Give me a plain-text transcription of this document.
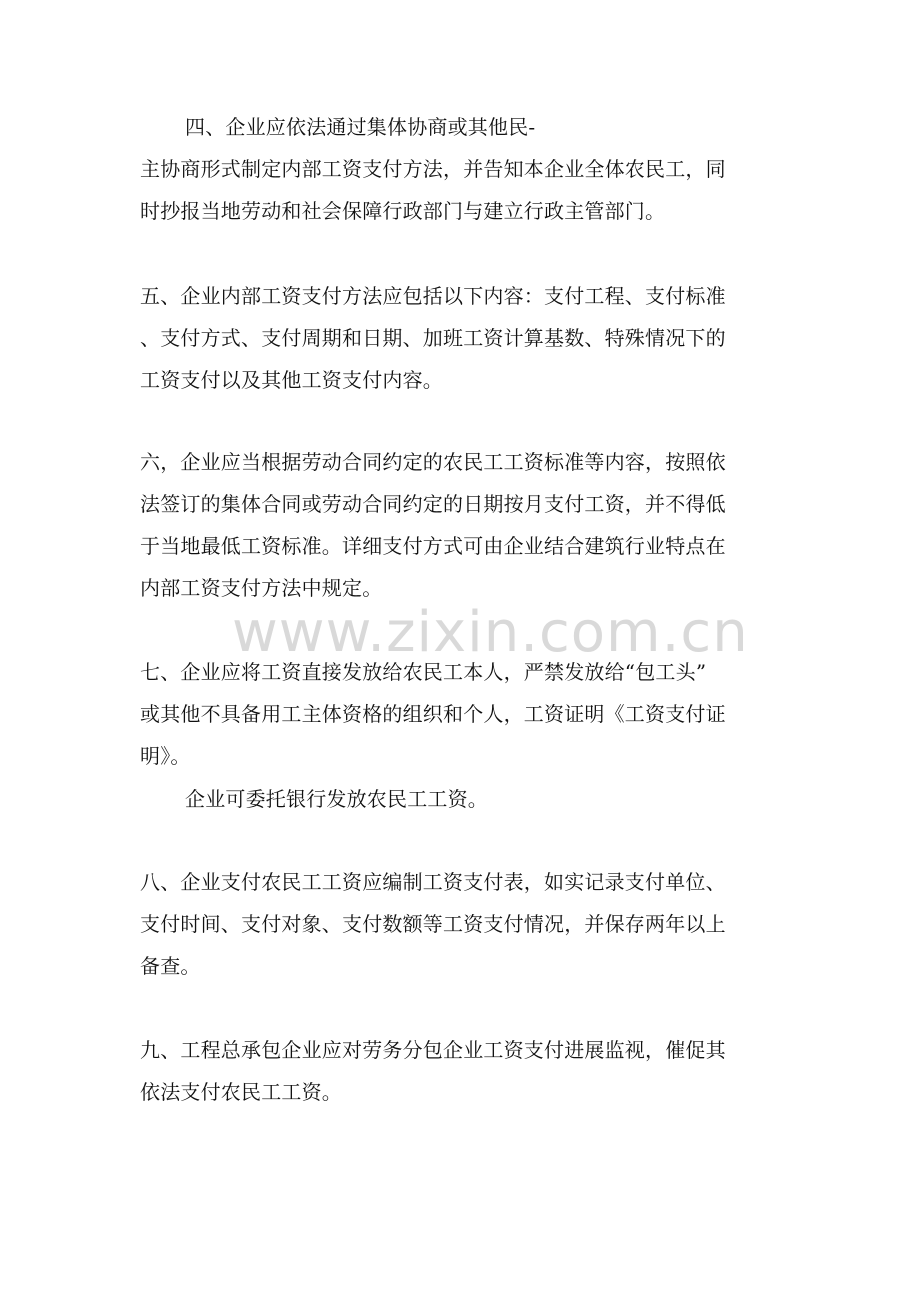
四、企业应依法通过集体协商或其他民-
主协商形式制定内部工资支付方法，并告知本企业全体农民工，同
时抄报当地劳动和社会保障行政部门与建立行政主管部门。
五、企业内部工资支付方法应包括以下内容：支付工程、支付标准
、支付方式、支付周期和日期、加班工资计算基数、特殊情况下的
工资支付以及其他工资支付内容。
六，企业应当根据劳动合同约定的农民工工资标准等内容，按照依
法签订的集体合同或劳动合同约定的日期按月支付工资，并不得低
于当地最低工资标准。详细支付方式可由企业结合建筑行业特点在
内部工资支付方法中规定。
www.zixin.com.cn
七、企业应将工资直接发放给农民工本人，严禁发放给“包工头”
或其他不具备用工主体资格的组织和个人，工资证明《工资支付证
明》。
企业可委托银行发放农民工工资。
八、企业支付农民工工资应编制工资支付表，如实记录支付单位、
支付时间、支付对象、支付数额等工资支付情况，并保存两年以上
备查。
九、工程总承包企业应对劳务分包企业工资支付进展监视，催促其
依法支付农民工工资。
